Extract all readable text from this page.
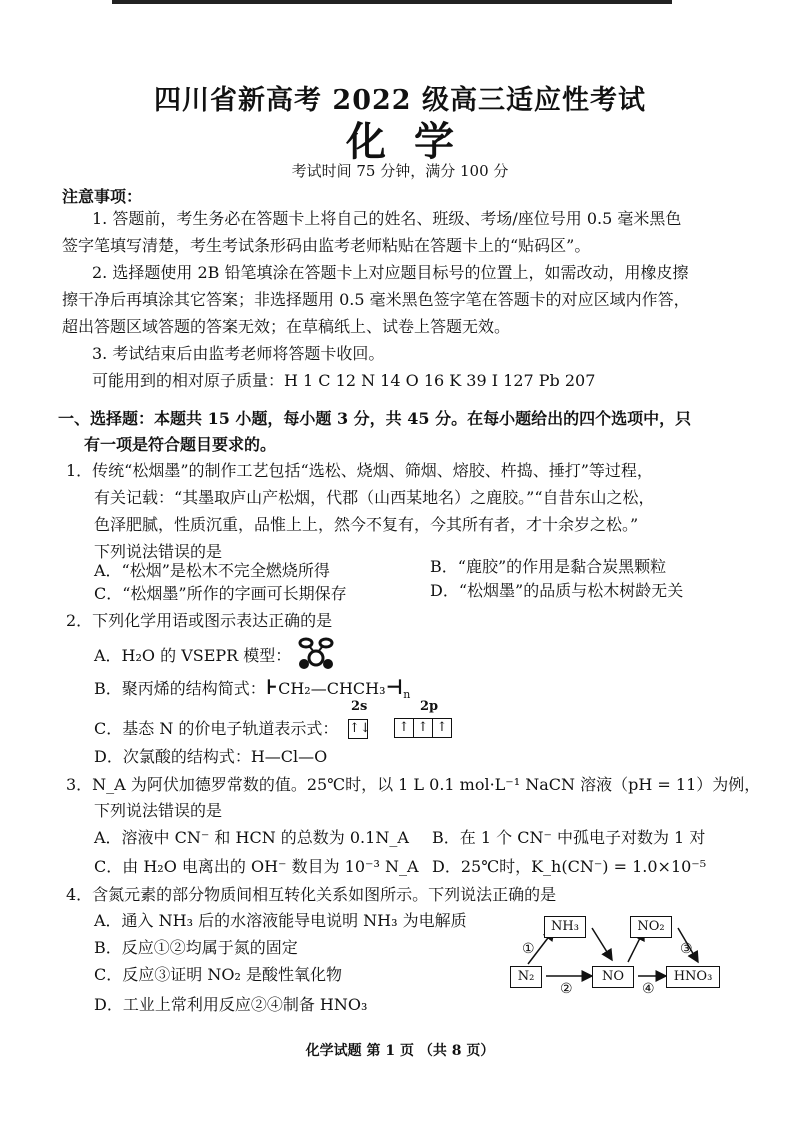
四川省新高考 2022 级高三适应性考试
化学
考试时间 75 分钟，满分 100 分
注意事项：
1. 答题前，考生务必在答题卡上将自己的姓名、班级、考场/座位号用 0.5 毫米黑色
签字笔填写清楚，考生考试条形码由监考老师粘贴在答题卡上的“贴码区”。
2. 选择题使用 2B 铅笔填涂在答题卡上对应题目标号的位置上，如需改动，用橡皮擦
擦干净后再填涂其它答案；非选择题用 0.5 毫米黑色签字笔在答题卡的对应区域内作答，
超出答题区域答题的答案无效；在草稿纸上、试卷上答题无效。
3. 考试结束后由监考老师将答题卡收回。
可能用到的相对原子质量：H 1 C 12 N 14 O 16 K 39 I 127 Pb 207
一、选择题：本题共 15 小题，每小题 3 分，共 45 分。在每小题给出的四个选项中，只
有一项是符合题目要求的。
1．传统“松烟墨”的制作工艺包括“选松、烧烟、筛烟、熔胶、杵捣、捶打”等过程，
有关记载：“其墨取庐山产松烟，代郡（山西某地名）之鹿胶。”“自昔东山之松，
色泽肥腻，性质沉重，品惟上上，然今不复有，今其所有者，才十余岁之松。”
下列说法错误的是
A．“松烟”是松木不完全燃烧所得	B．“鹿胶”的作用是黏合炭黑颗粒
C．“松烟墨”所作的字画可长期保存	D．“松烟墨”的品质与松木树龄无关
2．下列化学用语或图示表达正确的是
A．H₂O 的 VSEPR 模型：
B．聚丙烯的结构简式：$⊦CH_2—CHCH_3⊣_n$
2s	2p
C．基态 N 的价电子轨道表示式： ↑↓	↑ ↑ ↑
D．次氯酸的结构式：H—Cl—O
3．N_A 为阿伏加德罗常数的值。25℃时，以 1 L 0.1 mol·L⁻¹ NaCN 溶液（pH = 11）为例，
下列说法错误的是
A．溶液中 CN⁻ 和 HCN 的总数为 0.1N_A B．在 1 个 CN⁻ 中孤电子对数为 1 对
C．由 H₂O 电离出的 OH⁻ 数目为 10⁻³ N_A D．25℃时，K_h(CN⁻) = 1.0×10⁻⁵
4．含氮元素的部分物质间相互转化关系如图所示。下列说法正确的是
A．通入 NH₃ 后的水溶液能导电说明 NH₃ 为电解质
B．反应①②均属于氮的固定
C．反应③证明 NO₂ 是酸性氧化物
D．工业上常利用反应②④制备 HNO₃
NH₃	NO₂
N₂	NO	HNO₃
①
②
③
④
化学试题 第 1 页 （共 8 页）
